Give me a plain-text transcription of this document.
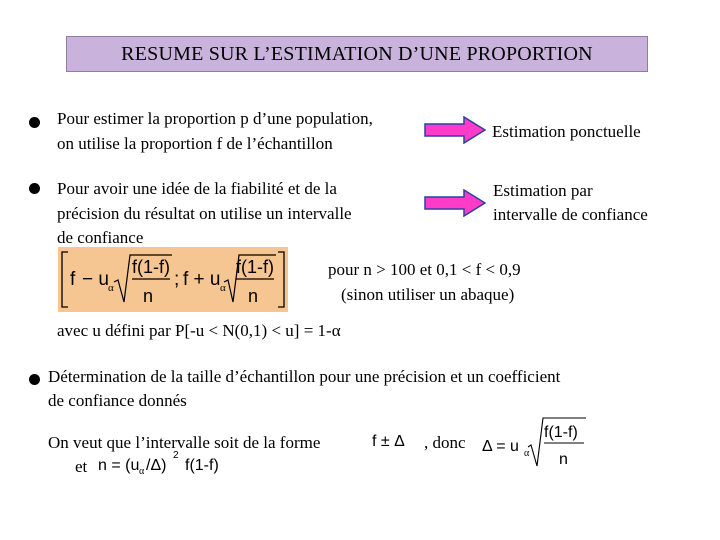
RESUME SUR L’ESTIMATION D’UNE PROPORTION
Pour estimer la proportion p d’une population,
on utilise la proportion f de l’échantillon
Estimation ponctuelle
Pour avoir une idée de la fiabilité et de la
précision du résultat on utilise un intervalle
de confiance
Estimation par
intervalle de confiance
f − u α
f(1-f)
n
; f + u α
f(1-f)
n
pour n > 100 et 0,1 < f < 0,9
(sinon utiliser un abaque)
avec u défini par P[-u < N(0,1) < u] = 1-α
Détermination de la taille d’échantillon pour une précision et un coefficient
de confiance donnés
On veut que l’intervalle soit de la forme	f ± Δ , donc Δ = u α
f(1-f)
n
et n = (u α /Δ)
2
f(1-f)
